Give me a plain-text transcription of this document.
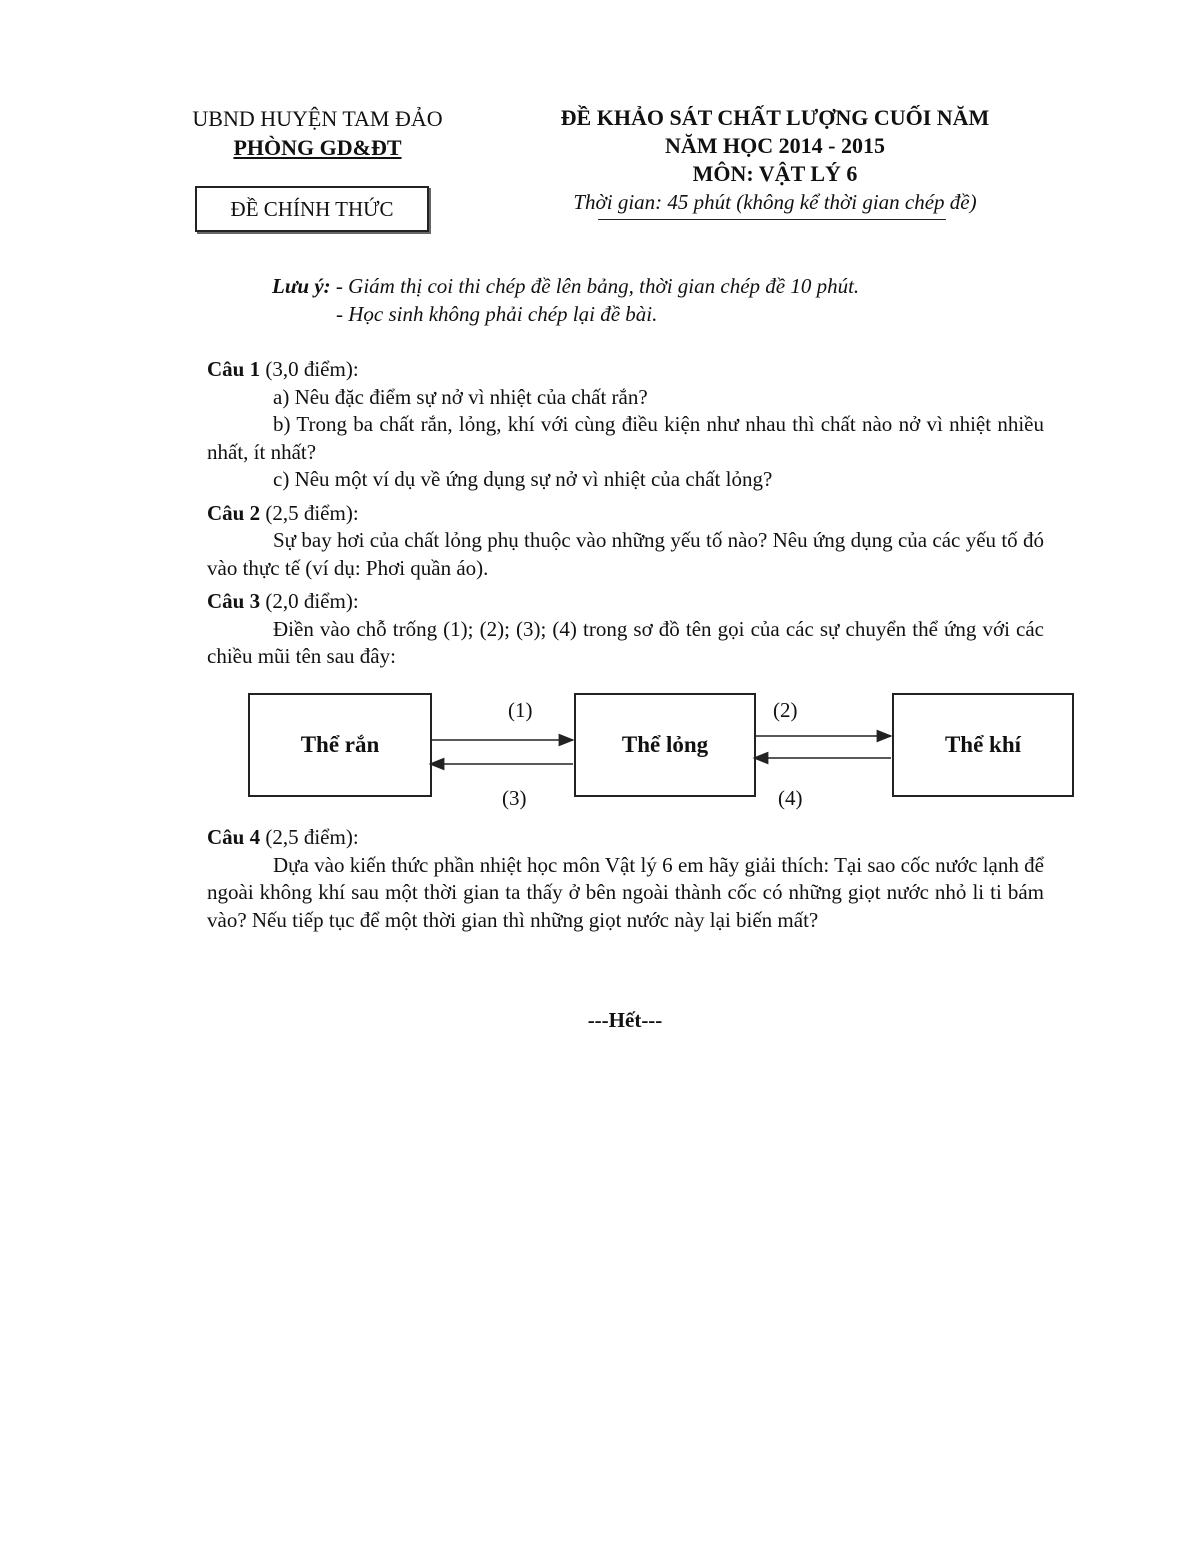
UBND HUYỆN TAM ĐẢO
PHÒNG GD&ĐT
ĐỀ CHÍNH THỨC
ĐỀ KHẢO SÁT CHẤT LƯỢNG CUỐI NĂM
NĂM HỌC 2014 - 2015
MÔN: VẬT LÝ 6
Thời gian: 45 phút (không kể thời gian chép đề)
Lưu ý: - Giám thị coi thi chép đề lên bảng, thời gian chép đề 10 phút.
- Học sinh không phải chép lại đề bài.

Câu 1 (3,0 điểm):

a) Nêu đặc điểm sự nở vì nhiệt của chất rắn?

b) Trong ba chất rắn, lỏng, khí với cùng điều kiện như nhau thì chất nào nở vì nhiệt nhiều nhất, ít nhất?

c) Nêu một ví dụ về ứng dụng sự nở vì nhiệt của chất lỏng?

Câu 2 (2,5 điểm):

Sự bay hơi của chất lỏng phụ thuộc vào những yếu tố nào? Nêu ứng dụng của các yếu tố đó vào thực tế (ví dụ: Phơi quần áo).

Câu 3 (2,0 điểm):

Điền vào chỗ trống (1); (2); (3); (4) trong sơ đồ tên gọi của các sự chuyển thể ứng với các chiều mũi tên sau đây:

Thể rắn	Thể lỏng	Thể khí
(1)	(2)
(3)	(4)

Câu 4 (2,5 điểm):

Dựa vào kiến thức phần nhiệt học môn Vật lý 6 em hãy giải thích: Tại sao cốc nước lạnh để ngoài không khí sau một thời gian ta thấy ở bên ngoài thành cốc có những giọt nước nhỏ li ti bám vào? Nếu tiếp tục để một thời gian thì những giọt nước này lại biến mất?

---Hết---
